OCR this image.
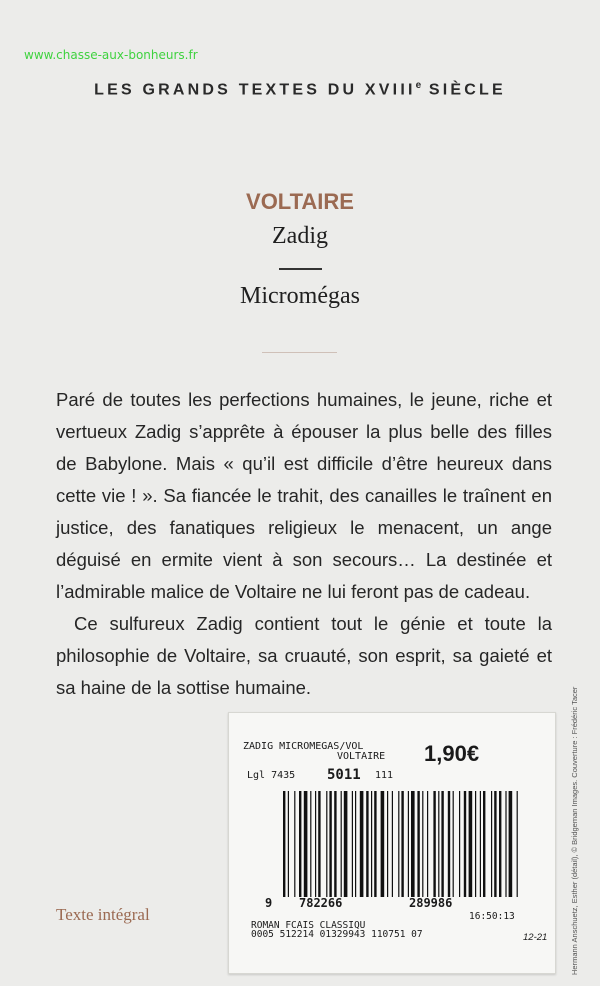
www.chasse-aux-bonheurs.fr
LES GRANDS TEXTES DU XVIIIe SIÈCLE
VOLTAIRE
Zadig
Micromégas

Paré de toutes les perfections humaines, le jeune, riche et vertueux Zadig s’apprête à épouser la plus belle des filles de Babylone. Mais « qu’il est difficile d’être heureux dans cette vie ! ». Sa fiancée le trahit, des canailles le traînent en justice, des fanatiques religieux le menacent, un ange déguisé en ermite vient à son secours… La destinée et l’admirable malice de Voltaire ne lui feront pas de cadeau.

Ce sulfureux Zadig contient tout le génie et toute la philosophie de Voltaire, sa cruauté, son esprit, sa gaieté et sa haine de la sottise humaine.

Texte intégral	Hermann Anschuetz, Esther (détail), © Bridgeman Images. Couverture : Frédéric Tacer
ZADIG MICROMEGAS/VOL
VOLTAIRE 1,90€
Lgl 7435 5011 111
9 782266	289986
16:50:13
ROMAN FCAIS CLASSIQU
0005 512214 01329943 110751 07	12-21
